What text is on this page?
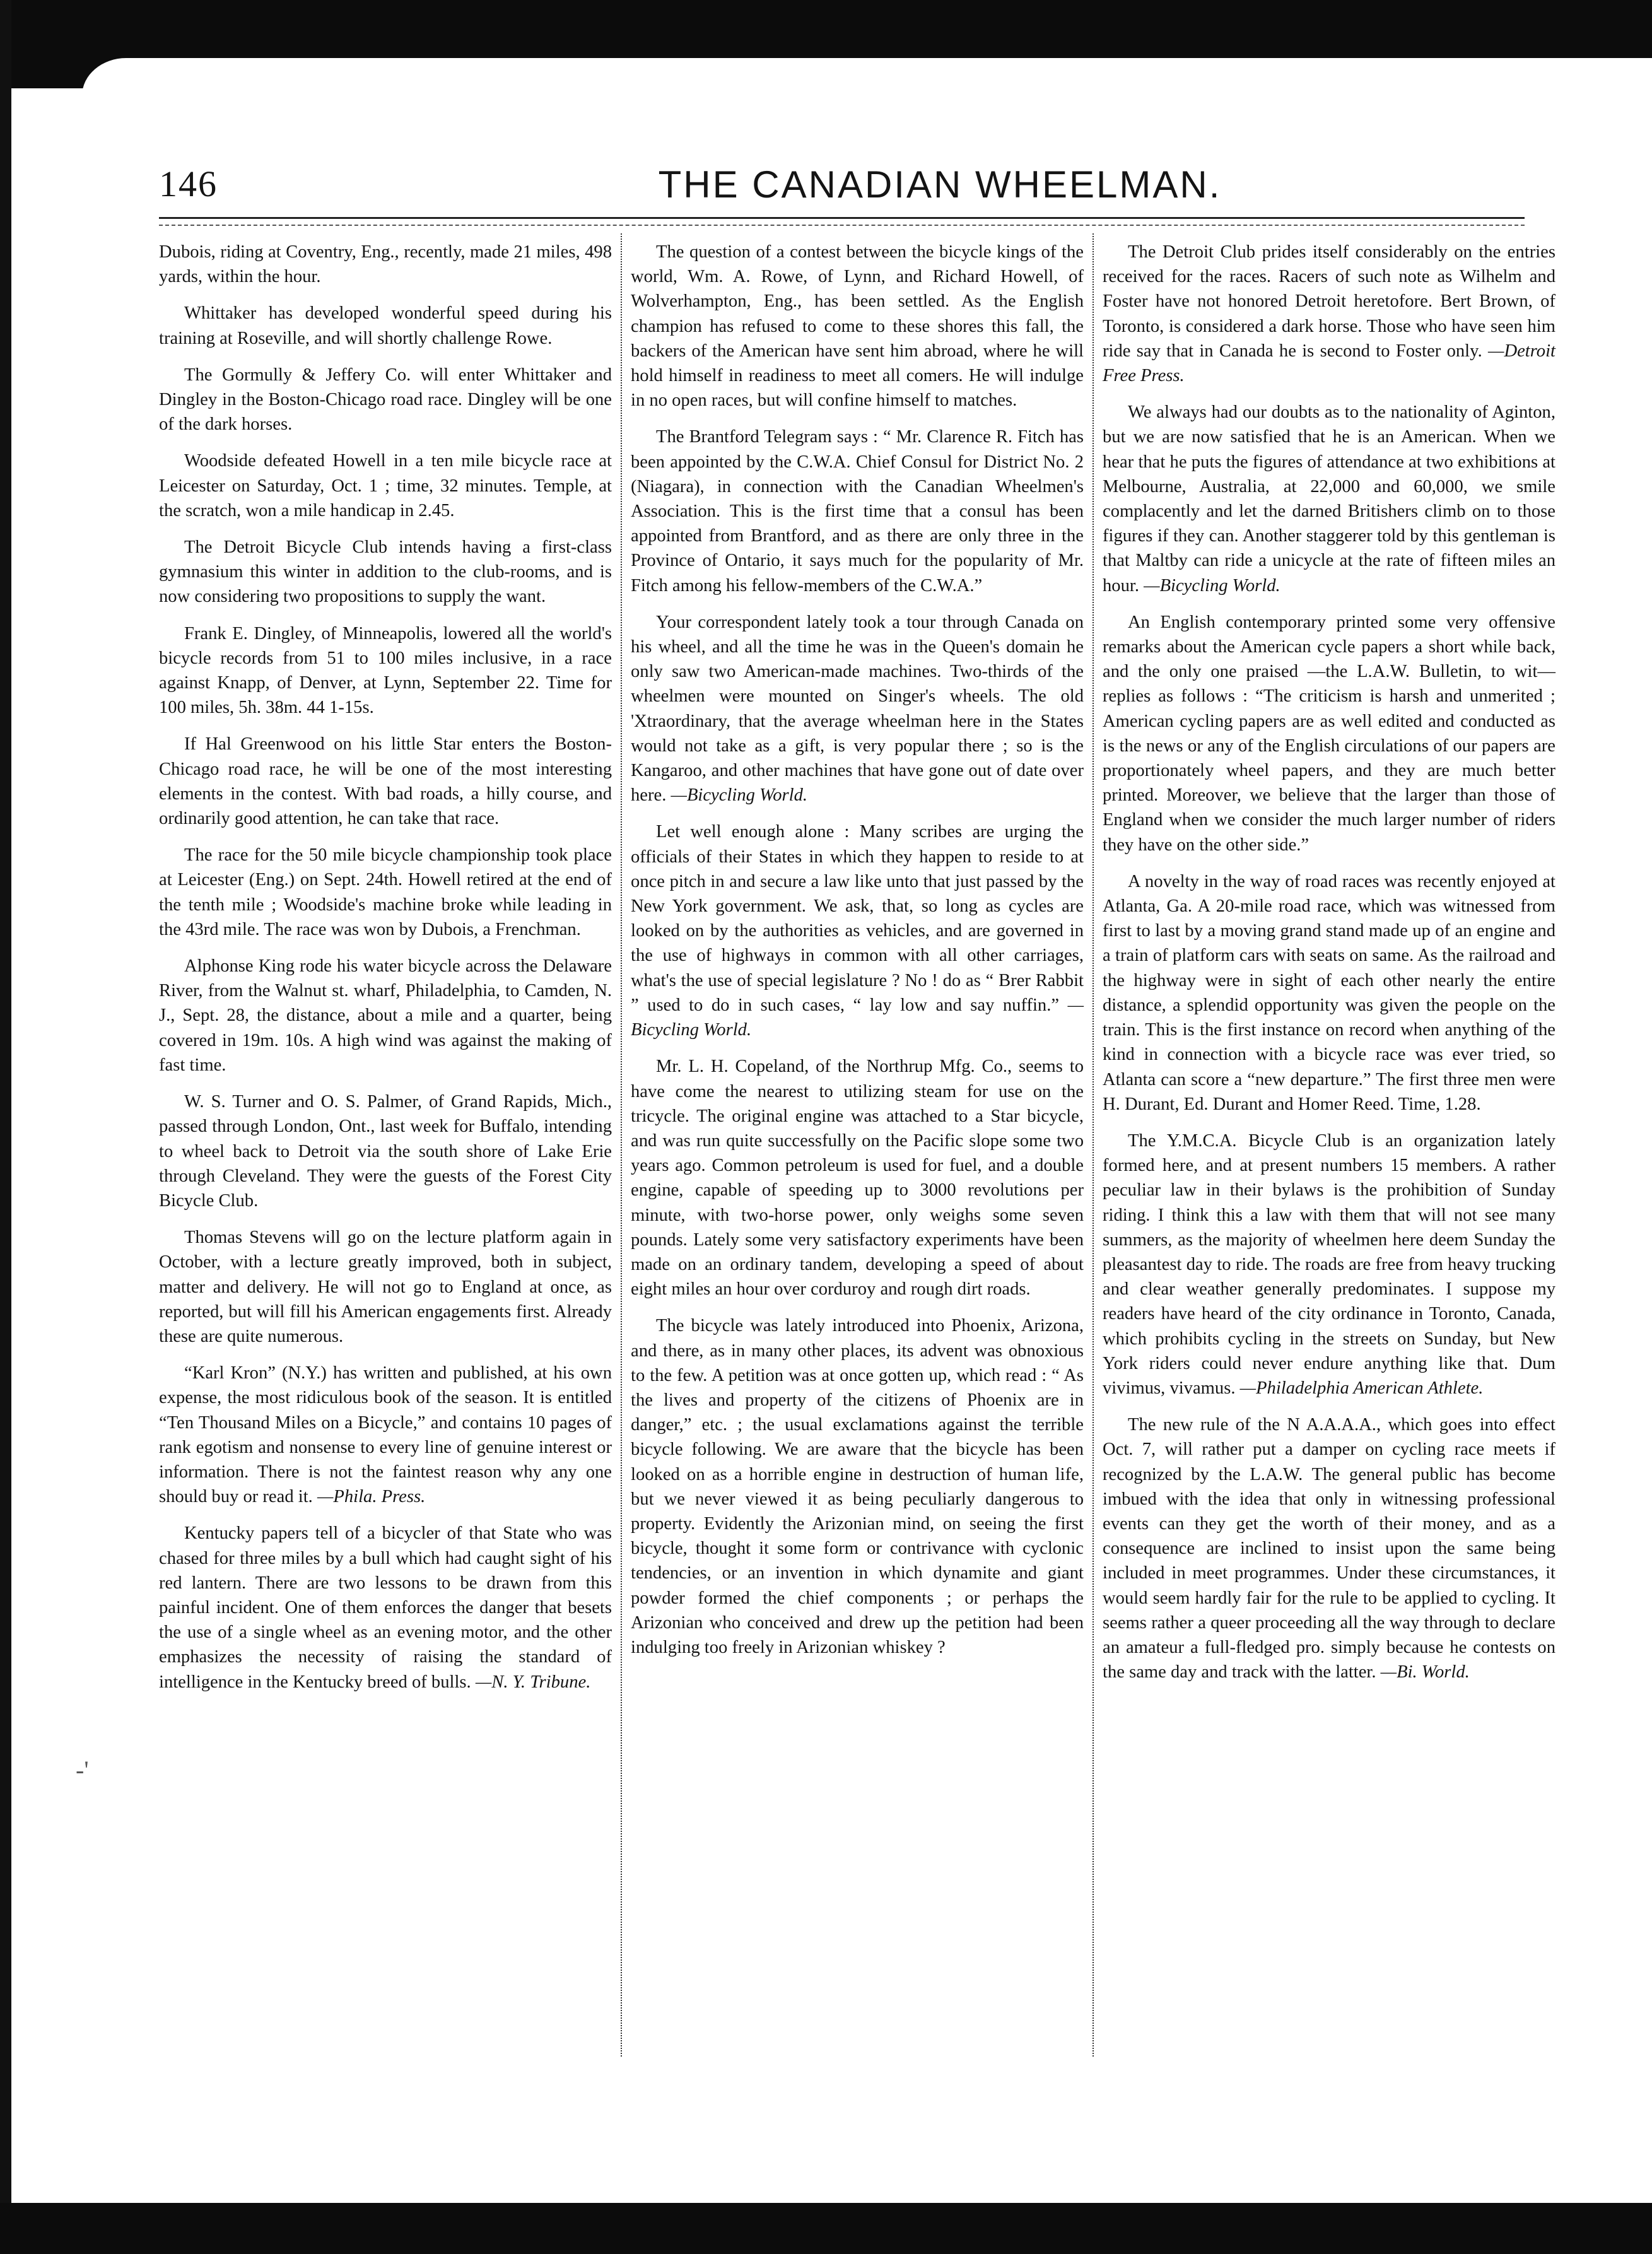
146	THE CANADIAN WHEELMAN.

Dubois, riding at Coventry, Eng., recently, made 21 miles, 498 yards, within the hour.

Whittaker has developed wonderful speed during his training at Roseville, and will shortly challenge Rowe.

The Gormully & Jeffery Co. will enter Whittaker and Dingley in the Boston-Chicago road race. Dingley will be one of the dark horses.

Woodside defeated Howell in a ten mile bicycle race at Leicester on Saturday, Oct. 1 ; time, 32 minutes. Temple, at the scratch, won a mile handicap in 2.45.

The Detroit Bicycle Club intends having a first-class gymnasium this winter in addition to the club-rooms, and is now considering two propositions to supply the want.

Frank E. Dingley, of Minneapolis, lowered all the world's bicycle records from 51 to 100 miles inclusive, in a race against Knapp, of Denver, at Lynn, September 22. Time for 100 miles, 5h. 38m. 44 1-15s.

If Hal Greenwood on his little Star enters the Boston-Chicago road race, he will be one of the most interesting elements in the contest. With bad roads, a hilly course, and ordinarily good attention, he can take that race.

The race for the 50 mile bicycle championship took place at Leicester (Eng.) on Sept. 24th. Howell retired at the end of the tenth mile ; Woodside's machine broke while leading in the 43rd mile. The race was won by Dubois, a Frenchman.

Alphonse King rode his water bicycle across the Delaware River, from the Walnut st. wharf, Philadelphia, to Camden, N. J., Sept. 28, the distance, about a mile and a quarter, being covered in 19m. 10s. A high wind was against the making of fast time.

W. S. Turner and O. S. Palmer, of Grand Rapids, Mich., passed through London, Ont., last week for Buffalo, intending to wheel back to Detroit via the south shore of Lake Erie through Cleveland. They were the guests of the Forest City Bicycle Club.

Thomas Stevens will go on the lecture platform again in October, with a lecture greatly improved, both in subject, matter and delivery. He will not go to England at once, as reported, but will fill his American engagements first. Already these are quite numerous.

“Karl Kron” (N.Y.) has written and published, at his own expense, the most ridiculous book of the season. It is entitled “Ten Thousand Miles on a Bicycle,” and contains 10 pages of rank egotism and nonsense to every line of genuine interest or information. There is not the faintest reason why any one should buy or read it. —Phila. Press.

Kentucky papers tell of a bicycler of that State who was chased for three miles by a bull which had caught sight of his red lantern. There are two lessons to be drawn from this painful incident. One of them enforces the danger that besets the use of a single wheel as an evening motor, and the other emphasizes the necessity of raising the standard of intelligence in the Kentucky breed of bulls. —N. Y. Tribune.

The question of a contest between the bicycle kings of the world, Wm. A. Rowe, of Lynn, and Richard Howell, of Wolverhampton, Eng., has been settled. As the English champion has refused to come to these shores this fall, the backers of the American have sent him abroad, where he will hold himself in readiness to meet all comers. He will indulge in no open races, but will confine himself to matches.

The Brantford Telegram says : “ Mr. Clarence R. Fitch has been appointed by the C.W.A. Chief Consul for District No. 2 (Niagara), in connection with the Canadian Wheelmen's Association. This is the first time that a consul has been appointed from Brantford, and as there are only three in the Province of Ontario, it says much for the popularity of Mr. Fitch among his fellow-members of the C.W.A.”

Your correspondent lately took a tour through Canada on his wheel, and all the time he was in the Queen's domain he only saw two American-made machines. Two-thirds of the wheelmen were mounted on Singer's wheels. The old 'Xtraordinary, that the average wheelman here in the States would not take as a gift, is very popular there ; so is the Kangaroo, and other machines that have gone out of date over here. —Bicycling World.

Let well enough alone : Many scribes are urging the officials of their States in which they happen to reside to at once pitch in and secure a law like unto that just passed by the New York government. We ask, that, so long as cycles are looked on by the authorities as vehicles, and are governed in the use of highways in common with all other carriages, what's the use of special legislature ? No ! do as “ Brer Rabbit ” used to do in such cases, “ lay low and say nuffin.” —Bicycling World.

Mr. L. H. Copeland, of the Northrup Mfg. Co., seems to have come the nearest to utilizing steam for use on the tricycle. The original engine was attached to a Star bicycle, and was run quite successfully on the Pacific slope some two years ago. Common petroleum is used for fuel, and a double engine, capable of speeding up to 3000 revolutions per minute, with two-horse power, only weighs some seven pounds. Lately some very satisfactory experiments have been made on an ordinary tandem, developing a speed of about eight miles an hour over corduroy and rough dirt roads.

The bicycle was lately introduced into Phoenix, Arizona, and there, as in many other places, its advent was obnoxious to the few. A petition was at once gotten up, which read : “ As the lives and property of the citizens of Phoenix are in danger,” etc. ; the usual exclamations against the terrible bicycle following. We are aware that the bicycle has been looked on as a horrible engine in destruction of human life, but we never viewed it as being peculiarly dangerous to property. Evidently the Arizonian mind, on seeing the first bicycle, thought it some form or contrivance with cyclonic tendencies, or an invention in which dynamite and giant powder formed the chief components ; or perhaps the Arizonian who conceived and drew up the petition had been indulging too freely in Arizonian whiskey ?

The Detroit Club prides itself considerably on the entries received for the races. Racers of such note as Wilhelm and Foster have not honored Detroit heretofore. Bert Brown, of Toronto, is considered a dark horse. Those who have seen him ride say that in Canada he is second to Foster only. —Detroit Free Press.

We always had our doubts as to the nationality of Aginton, but we are now satisfied that he is an American. When we hear that he puts the figures of attendance at two exhibitions at Melbourne, Australia, at 22,000 and 60,000, we smile complacently and let the darned Britishers climb on to those figures if they can. Another staggerer told by this gentleman is that Maltby can ride a unicycle at the rate of fifteen miles an hour. —Bicycling World.

An English contemporary printed some very offensive remarks about the American cycle papers a short while back, and the only one praised —the L.A.W. Bulletin, to wit—replies as follows : “The criticism is harsh and unmerited ; American cycling papers are as well edited and conducted as is the news or any of the English circulations of our papers are proportionately wheel papers, and they are much better printed. Moreover, we believe that the larger than those of England when we consider the much larger number of riders they have on the other side.”

A novelty in the way of road races was recently enjoyed at Atlanta, Ga. A 20-mile road race, which was witnessed from first to last by a moving grand stand made up of an engine and a train of platform cars with seats on same. As the railroad and the highway were in sight of each other nearly the entire distance, a splendid opportunity was given the people on the train. This is the first instance on record when anything of the kind in connection with a bicycle race was ever tried, so Atlanta can score a “new departure.” The first three men were H. Durant, Ed. Durant and Homer Reed. Time, 1.28.

The Y.M.C.A. Bicycle Club is an organization lately formed here, and at present numbers 15 members. A rather peculiar law in their bylaws is the prohibition of Sunday riding. I think this a law with them that will not see many summers, as the majority of wheelmen here deem Sunday the pleasantest day to ride. The roads are free from heavy trucking and clear weather generally predominates. I suppose my readers have heard of the city ordinance in Toronto, Canada, which prohibits cycling in the streets on Sunday, but New York riders could never endure anything like that. Dum vivimus, vivamus. —Philadelphia American Athlete.

The new rule of the N A.A.A.A., which goes into effect Oct. 7, will rather put a damper on cycling race meets if recognized by the L.A.W. The general public has become imbued with the idea that only in witnessing professional events can they get the worth of their money, and as a consequence are inclined to insist upon the same being included in meet programmes. Under these circumstances, it would seem hardly fair for the rule to be applied to cycling. It seems rather a queer proceeding all the way through to declare an amateur a full-fledged pro. simply because he contests on the same day and track with the latter. —Bi. World.

-'
